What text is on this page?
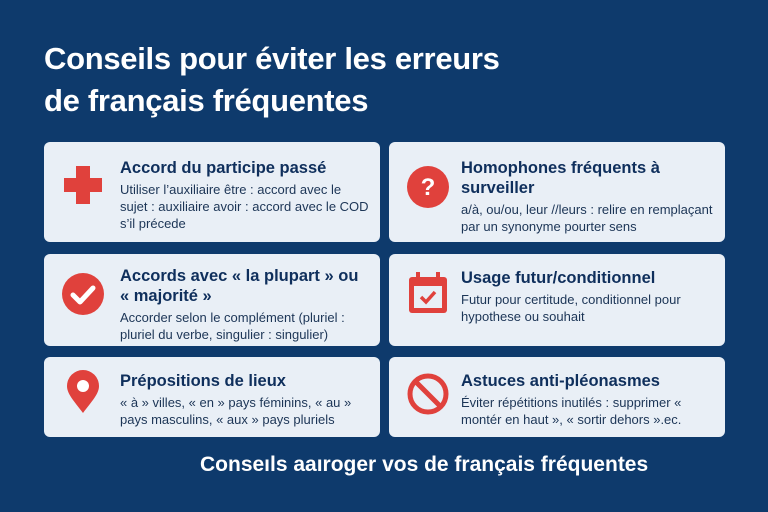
Conseils pour éviter les erreurs
de français fréquentes
Accord du participe passé
Utiliser l’auxiliaire être : accord avec le sujet : auxiliaire avoir : accord avec le COD s’il précede
?
Homophones fréquents à surveiller
a/à, ou/ou, leur //leurs : relire en remplaçant par un synonyme pourter sens
Accords avec « la plupart » ou « majorité »
Accorder selon le complément (pluriel : pluriel du verbe, singulier : singulier)
Usage futur/conditionnel
Futur pour certitude, conditionnel pour hypothese ou souhait
Prépositions de lieux
« à » villes, « en » pays féminins, « au » pays masculins, « aux » pays pluriels
Astuces anti-pléonasmes
Éviter répétitions inutilés : supprimer « montér en haut », « sortir dehors ».ec.
Conseıls aaıroger vos de français fréquentes
